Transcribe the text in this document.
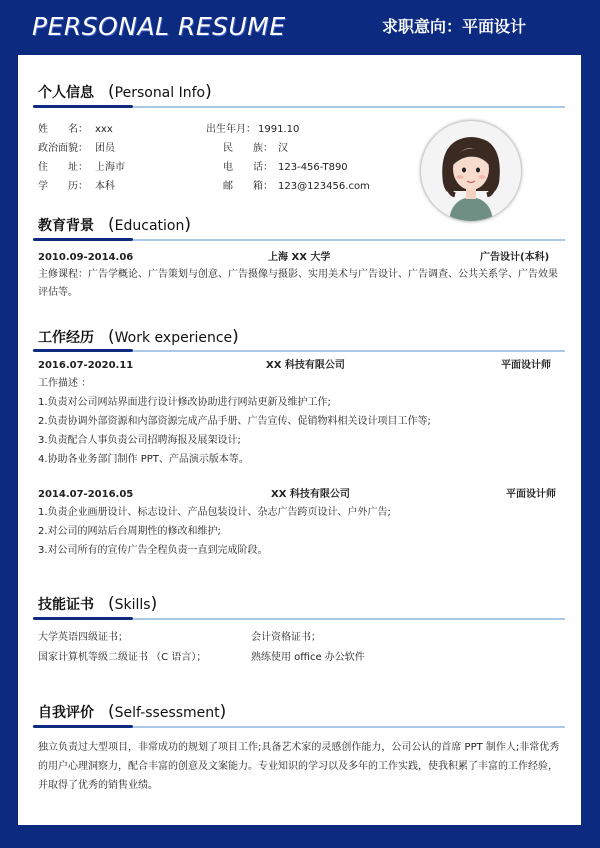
PERSONAL RESUME	求职意向：平面设计
个人信息 (Personal Info)
姓　　名： xxx	出生年月： 1991.10
政治面貌： 团员	民　　族： 汉
住　　址： 上海市	电　　话： 123-456-T890
学　　历： 本科	邮　　箱： 123@123456.com
教育背景 (Education)
2010.09-2014.06	上海 XX 大学	广告设计(本科)
主修课程：广告学概论、广告策划与创意、广告摄像与摄影、实用美术与广告设计、广告调查、公共关系学、广告效果评估等。
工作经历 (Work experience)
2016.07-2020.11	XX 科技有限公司	平面设计师
工作描述 ：
1.负责对公司网站界面进行设计修改协助进行网站更新及维护工作;
2.负责协调外部资源和内部资源完成产品手册、广告宣传、促销物料相关设计项目工作等;
3.负责配合人事负责公司招聘海报及展架设计;
4.协助各业务部门制作 PPT、产品演示版本等。
2014.07-2016.05	XX 科技有限公司	平面设计师
1.负责企业画册设计、标志设计、产品包装设计、杂志广告跨页设计、户外广告;
2.对公司的网站后台周期性的修改和维护;
3.对公司所有的宣传广告全程负责一直到完成阶段。
技能证书 (Skills)
大学英语四级证书；	会计资格证书；
国家计算机等级二级证书 （C 语言）；	熟练使用 office 办公软件
自我评价 (Self-ssessment)
独立负责过大型项目，非常成功的规划了项目工作;具备艺术家的灵感创作能力，公司公认的首席 PPT 制作人;非常优秀的用户心理洞察力，配合丰富的创意及文案能力。专业知识的学习以及多年的工作实践，使我积累了丰富的工作经验，并取得了优秀的销售业绩。
